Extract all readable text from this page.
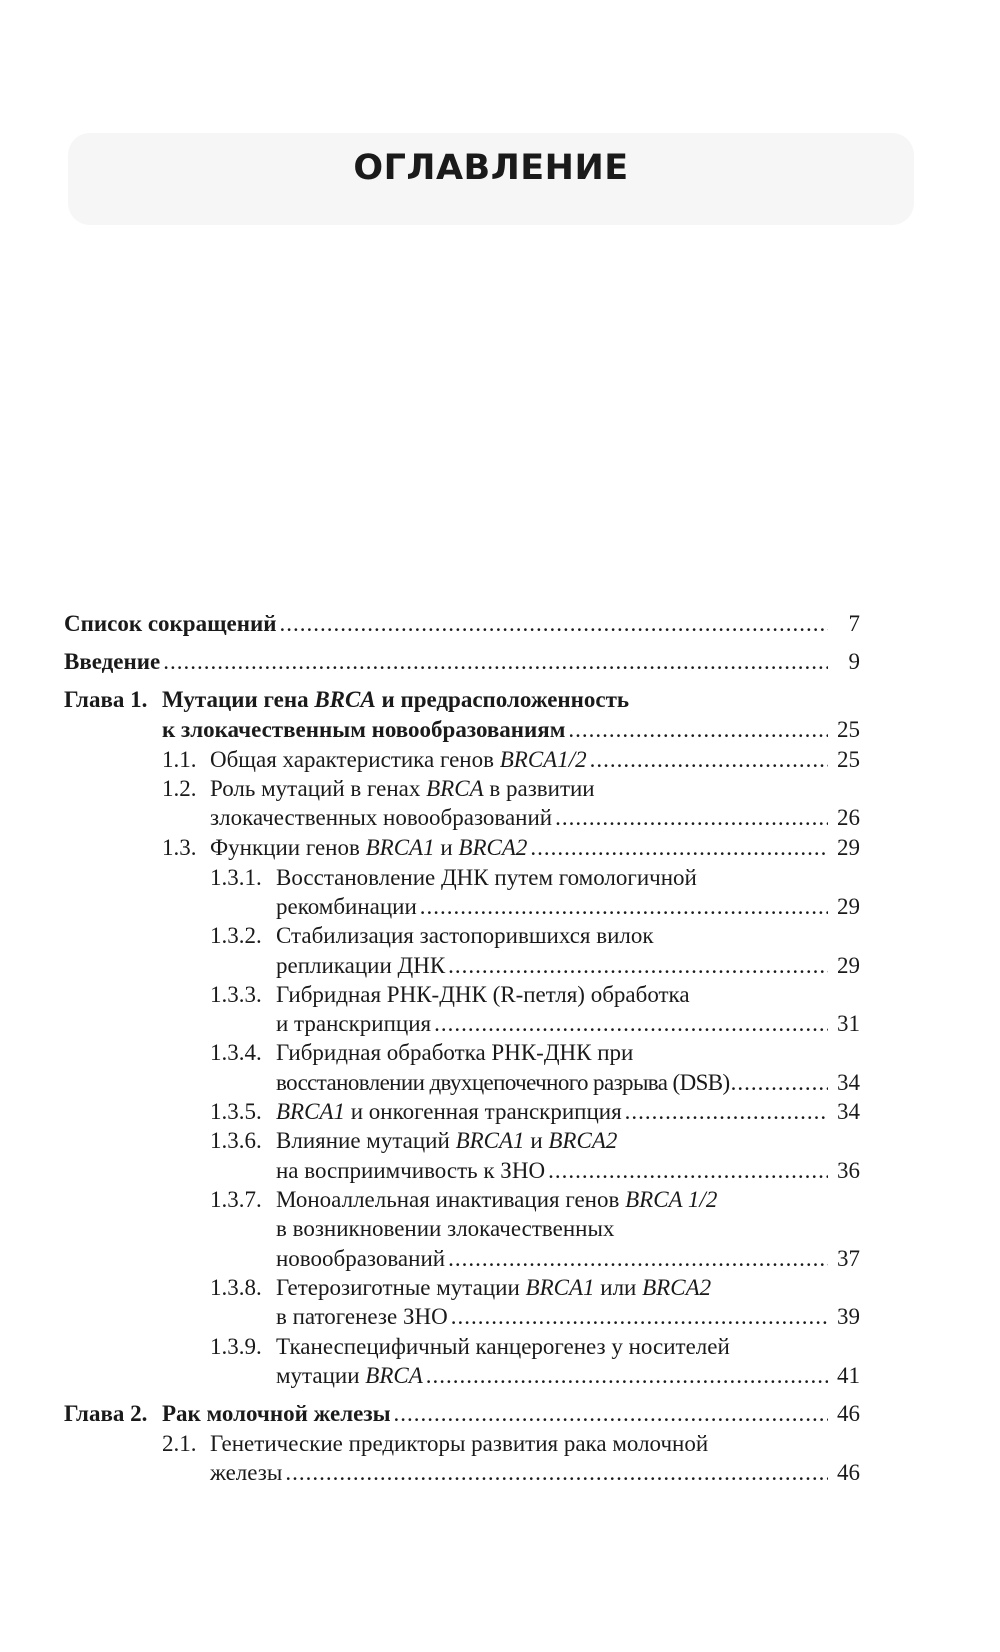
ОГЛАВЛЕНИЕ
Список сокращений .....	7
Введение .....	9
Глава 1. Мутации гена BRCA и предрасположенность
к злокачественным новообразованиям .....	25
1.1. Общая характеристика генов BRCA1/2 .....	25
1.2. Роль мутаций в генах BRCA в развитии
злокачественных новообразований .....	26
1.3. Функции генов BRCA1 и BRCA2 .....	29
1.3.1. Восстановление ДНК путем гомологичной
рекомбинации .....	29
1.3.2. Стабилизация застопорившихся вилок
репликации ДНК .....	29
1.3.3. Гибридная РНК-ДНК (R-петля) обработка
и транскрипция .....	31
1.3.4. Гибридная обработка РНК-ДНК при
восстановлении двухцепочечного разрыва (DSB) .....	34
1.3.5. BRCA1 и онкогенная транскрипция .....	34
1.3.6. Влияние мутаций BRCA1 и BRCA2
на восприимчивость к ЗНО .....	36
1.3.7. Моноаллельная инактивация генов BRCA 1/2
в возникновении злокачественных
новообразований .....	37
1.3.8. Гетерозиготные мутации BRCA1 или BRCA2
в патогенезе ЗНО .....	39
1.3.9. Тканеспецифичный канцерогенез у носителей
мутации BRCA .....	41
Глава 2. Рак молочной железы .....	46
2.1. Генетические предикторы развития рака молочной
железы .....	46
